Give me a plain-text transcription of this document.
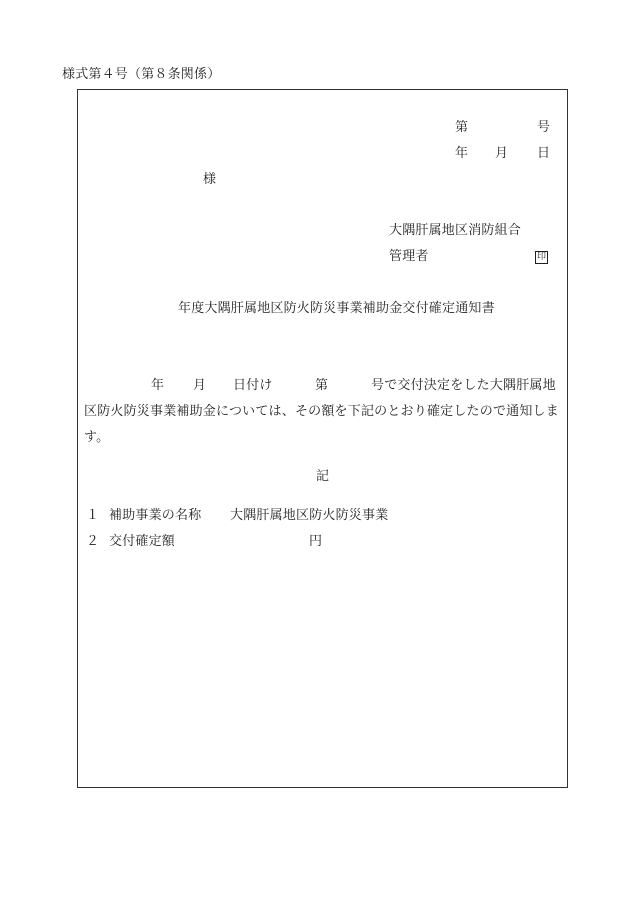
様式第４号（第８条関係）
第	号
年 月 日
様
大隅肝属地区消防組合
管理者	印
年度大隅肝属地区防火防災事業補助金交付確定通知書
年 月 日付け	第	号で交付決定をした大隅肝属地
区防火防災事業補助金については、その額を下記のとおり確定したので通知しま
す。
記
１ 補助事業の名称 大隅肝属地区防火防災事業
２ 交付確定額	円
